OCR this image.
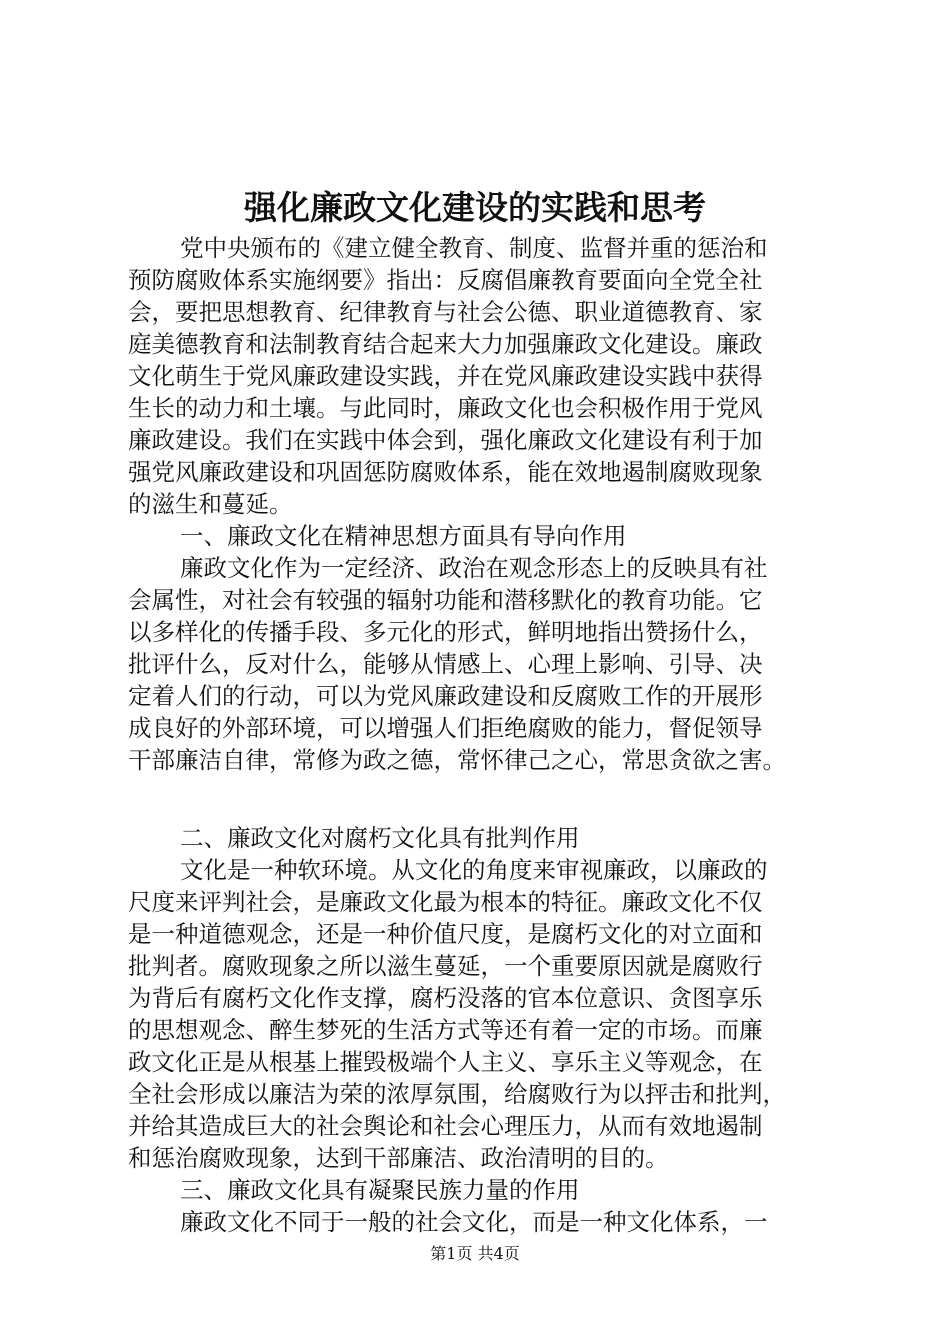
强化廉政文化建设的实践和思考
党中央颁布的《建立健全教育、制度、监督并重的惩治和
预防腐败体系实施纲要》指出：反腐倡廉教育要面向全党全社
会，要把思想教育、纪律教育与社会公德、职业道德教育、家
庭美德教育和法制教育结合起来大力加强廉政文化建设。廉政
文化萌生于党风廉政建设实践，并在党风廉政建设实践中获得
生长的动力和土壤。与此同时，廉政文化也会积极作用于党风
廉政建设。我们在实践中体会到，强化廉政文化建设有利于加
强党风廉政建设和巩固惩防腐败体系，能在效地遏制腐败现象
的滋生和蔓延。
一、廉政文化在精神思想方面具有导向作用
廉政文化作为一定经济、政治在观念形态上的反映具有社
会属性，对社会有较强的辐射功能和潜移默化的教育功能。它
以多样化的传播手段、多元化的形式，鲜明地指出赞扬什么，
批评什么，反对什么，能够从情感上、心理上影响、引导、决
定着人们的行动，可以为党风廉政建设和反腐败工作的开展形
成良好的外部环境，可以增强人们拒绝腐败的能力，督促领导
干部廉洁自律，常修为政之德，常怀律己之心，常思贪欲之害。
二、廉政文化对腐朽文化具有批判作用
文化是一种软环境。从文化的角度来审视廉政，以廉政的
尺度来评判社会，是廉政文化最为根本的特征。廉政文化不仅
是一种道德观念，还是一种价值尺度，是腐朽文化的对立面和
批判者。腐败现象之所以滋生蔓延，一个重要原因就是腐败行
为背后有腐朽文化作支撑，腐朽没落的官本位意识、贪图享乐
的思想观念、醉生梦死的生活方式等还有着一定的市场。而廉
政文化正是从根基上摧毁极端个人主义、享乐主义等观念，在
全社会形成以廉洁为荣的浓厚氛围，给腐败行为以抨击和批判，
并给其造成巨大的社会舆论和社会心理压力，从而有效地遏制
和惩治腐败现象，达到干部廉洁、政治清明的目的。
三、廉政文化具有凝聚民族力量的作用
廉政文化不同于一般的社会文化，而是一种文化体系，一
第1页 共4页
